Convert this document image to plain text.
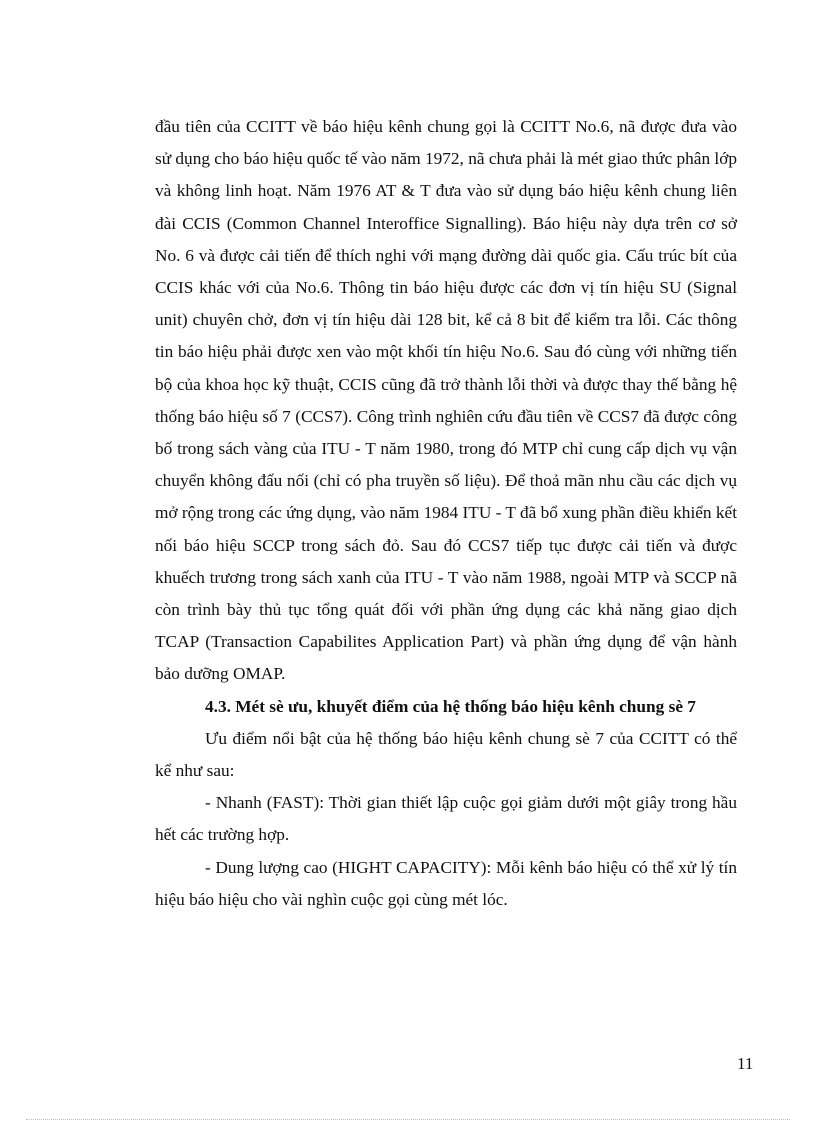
đầu tiên của CCITT về báo hiệu kênh chung gọi là CCITT No.6, nã được đưa vào sử dụng cho báo hiệu quốc tế vào năm 1972, nã chưa phải là mét giao thức phân lớp và không linh hoạt. Năm 1976 AT & T đưa vào sử dụng báo hiệu kênh chung liên đài CCIS (Common Channel Interoffice Signalling). Báo hiệu này dựa trên cơ sở No. 6 và được cải tiến để thích nghi với mạng đường dài quốc gia. Cấu trúc bít của CCIS khác với của No.6. Thông tin báo hiệu được các đơn vị tín hiệu SU (Signal unit) chuyên chở, đơn vị tín hiệu dài 128 bit, kể cả 8 bit để kiểm tra lỗi. Các thông tin báo hiệu phải được xen vào một khối tín hiệu No.6. Sau đó cùng với những tiến bộ của khoa học kỹ thuật, CCIS cũng đã trở thành lỗi thời và được thay thế bằng hệ thống báo hiệu số 7 (CCS7). Công trình nghiên cứu đầu tiên về CCS7 đã được công bố trong sách vàng của ITU - T năm 1980, trong đó MTP chỉ cung cấp dịch vụ vận chuyển không đấu nối (chỉ có pha truyền số liệu). Để thoả mãn nhu cầu các dịch vụ mở rộng trong các ứng dụng, vào năm 1984 ITU - T đã bổ xung phần điều khiển kết nối báo hiệu SCCP trong sách đỏ. Sau đó CCS7 tiếp tục được cải tiến và được khuếch trương trong sách xanh của ITU - T vào năm 1988, ngoài MTP và SCCP nã còn trình bày thủ tục tổng quát đối với phần ứng dụng các khả năng giao dịch TCAP (Transaction Capabilites Application Part) và phần ứng dụng để vận hành bảo dưỡng OMAP.

4.3. Mét sè ưu, khuyết điểm của hệ thống báo hiệu kênh chung sè 7

Ưu điểm nổi bật của hệ thống báo hiệu kênh chung sè 7 của CCITT có thể kể như sau:

- Nhanh (FAST): Thời gian thiết lập cuộc gọi giảm dưới một giây trong hầu hết các trường hợp.

- Dung lượng cao (HIGHT CAPACITY): Mỗi kênh báo hiệu có thể xử lý tín hiệu báo hiệu cho vài nghìn cuộc gọi cùng mét lóc.

11
